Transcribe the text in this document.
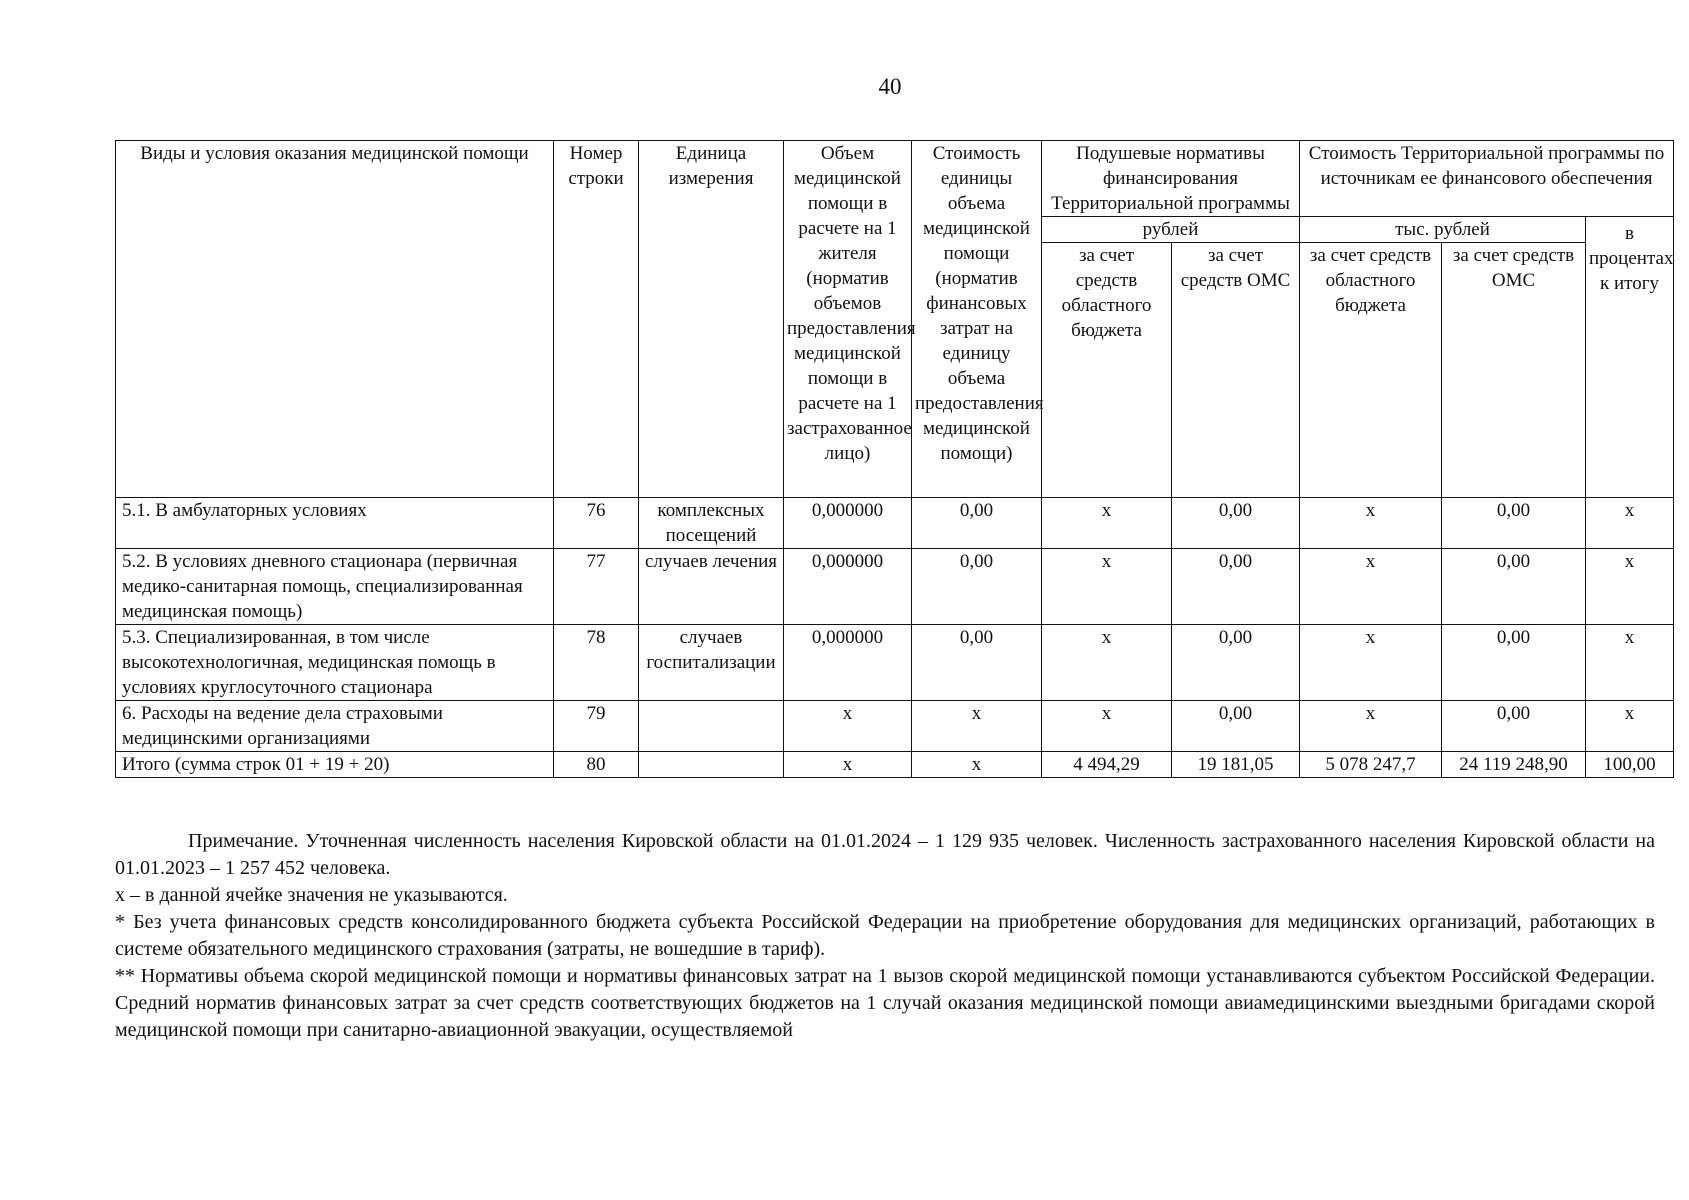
40
Виды и условия оказания медицинской помощи	Номер строки	Единица измерения	Объем медицинской помощи в расчете на 1 жителя (норматив объемов предоставления медицинской помощи в расчете на 1 застрахованное лицо)	Стоимость единицы объема медицинской помощи (норматив финансовых затрат на единицу объема предоставления медицинской помощи)	Подушевые нормативы финансирования Территориальной программы		Стоимость Территориальной программы по источникам ее финансового обеспечения		
					рублей		тыс. рублей		в процентах к итогу
					за счет средств областного бюджета	за счет средств ОМС	за счет средств областного бюджета	за счет средств ОМС	
5.1. В амбулаторных условиях	76	комплексных посещений	0,000000	0,00	х	0,00	х	0,00	х
5.2. В условиях дневного стационара (первичная медико-санитарная помощь, специализированная медицинская помощь)	77	случаев лечения	0,000000	0,00	х	0,00	х	0,00	х
5.3. Специализированная, в том числе высокотехнологичная, медицинская помощь в условиях круглосуточного стационара	78	случаев госпитализации	0,000000	0,00	х	0,00	х	0,00	х
6. Расходы на ведение дела страховыми медицинскими организациями	79		х	х	х	0,00	х	0,00	х
Итого (сумма строк 01 + 19 + 20)	80		х	х	4 494,29	19 181,05	5 078 247,7	24 119 248,90	100,00

Примечание. Уточненная численность населения Кировской области на 01.01.2024 – 1 129 935 человек. Численность застрахованного населения Кировской области на 01.01.2023 – 1 257 452 человека.

х – в данной ячейке значения не указываются.

* Без учета финансовых средств консолидированного бюджета субъекта Российской Федерации на приобретение оборудования для медицинских организаций, работающих в системе обязательного медицинского страхования (затраты, не вошедшие в тариф).

** Нормативы объема скорой медицинской помощи и нормативы финансовых затрат на 1 вызов скорой медицинской помощи устанавливаются субъектом Российской Федерации. Средний норматив финансовых затрат за счет средств соответствующих бюджетов на 1 случай оказания медицинской помощи авиамедицинскими выездными бригадами скорой медицинской помощи при санитарно-авиационной эвакуации, осуществляемой
